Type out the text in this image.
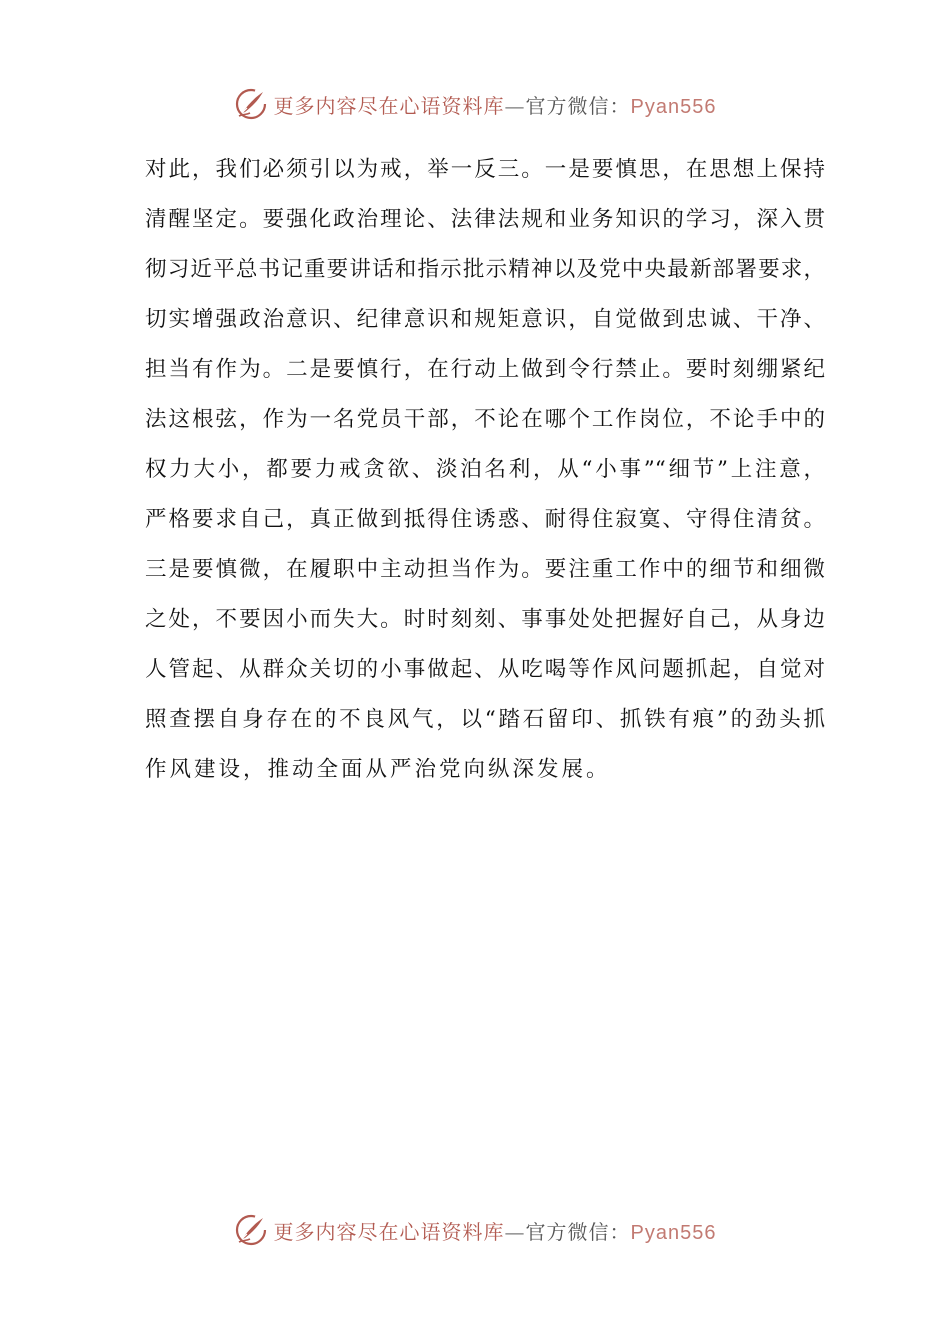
更多内容尽在心语资料库—官方微信：Pyan556
对此，我们必须引以为戒，举一反三。一是要慎思，在思想上保持
清醒坚定。要强化政治理论、法律法规和业务知识的学习，深入贯
彻习近平总书记重要讲话和指示批示精神以及党中央最新部署要求，
切实增强政治意识、纪律意识和规矩意识，自觉做到忠诚、干净、
担当有作为。二是要慎行，在行动上做到令行禁止。要时刻绷紧纪
法这根弦，作为一名党员干部，不论在哪个工作岗位，不论手中的
权力大小，都要力戒贪欲、淡泊名利，从“小事”“细节”上注意，
严格要求自己，真正做到抵得住诱惑、耐得住寂寞、守得住清贫。
三是要慎微，在履职中主动担当作为。要注重工作中的细节和细微
之处，不要因小而失大。时时刻刻、事事处处把握好自己，从身边
人管起、从群众关切的小事做起、从吃喝等作风问题抓起，自觉对
照查摆自身存在的不良风气，以“踏石留印、抓铁有痕”的劲头抓
作风建设，推动全面从严治党向纵深发展。
更多内容尽在心语资料库—官方微信：Pyan556
